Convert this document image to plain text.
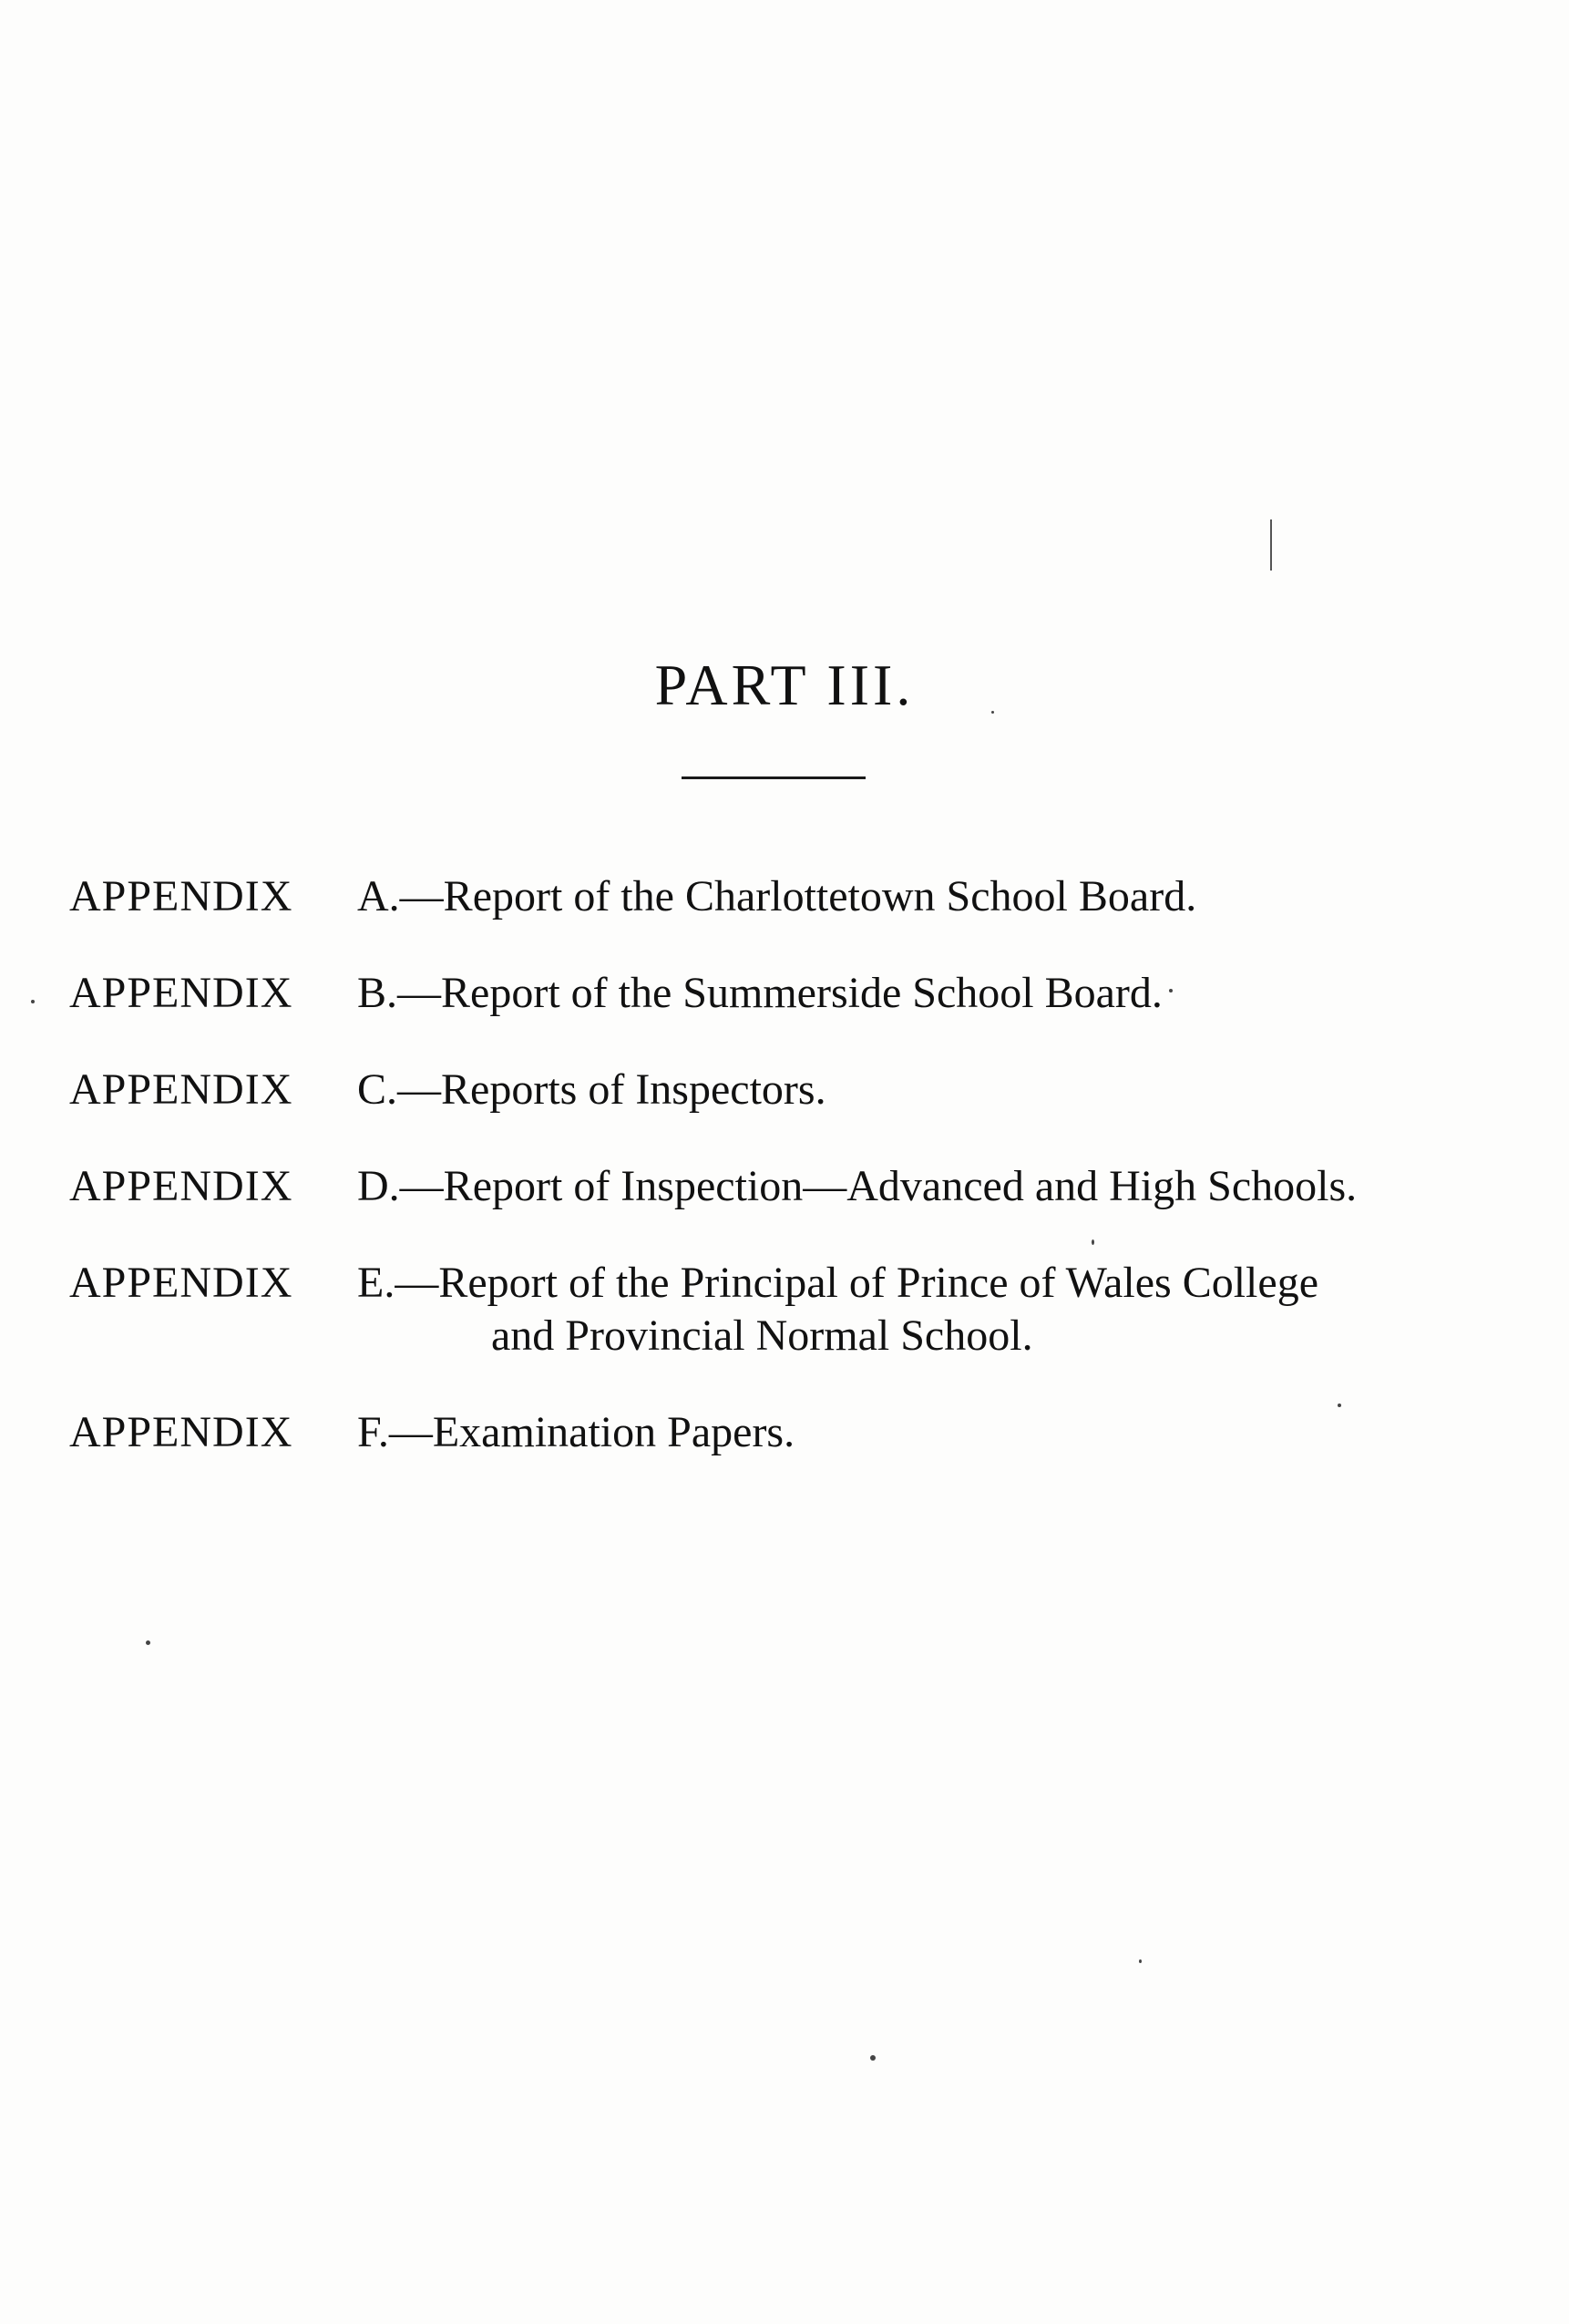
PART III.
APPENDIX A.—Report of the Charlottetown School Board.
APPENDIX B.—Report of the Summerside School Board.
APPENDIX C.—Reports of Inspectors.
APPENDIX D.—Report of Inspection—Advanced and High Schools.
APPENDIX E.—Report of the Principal of Prince of Wales College
and Provincial Normal School.
APPENDIX F.—Examination Papers.
